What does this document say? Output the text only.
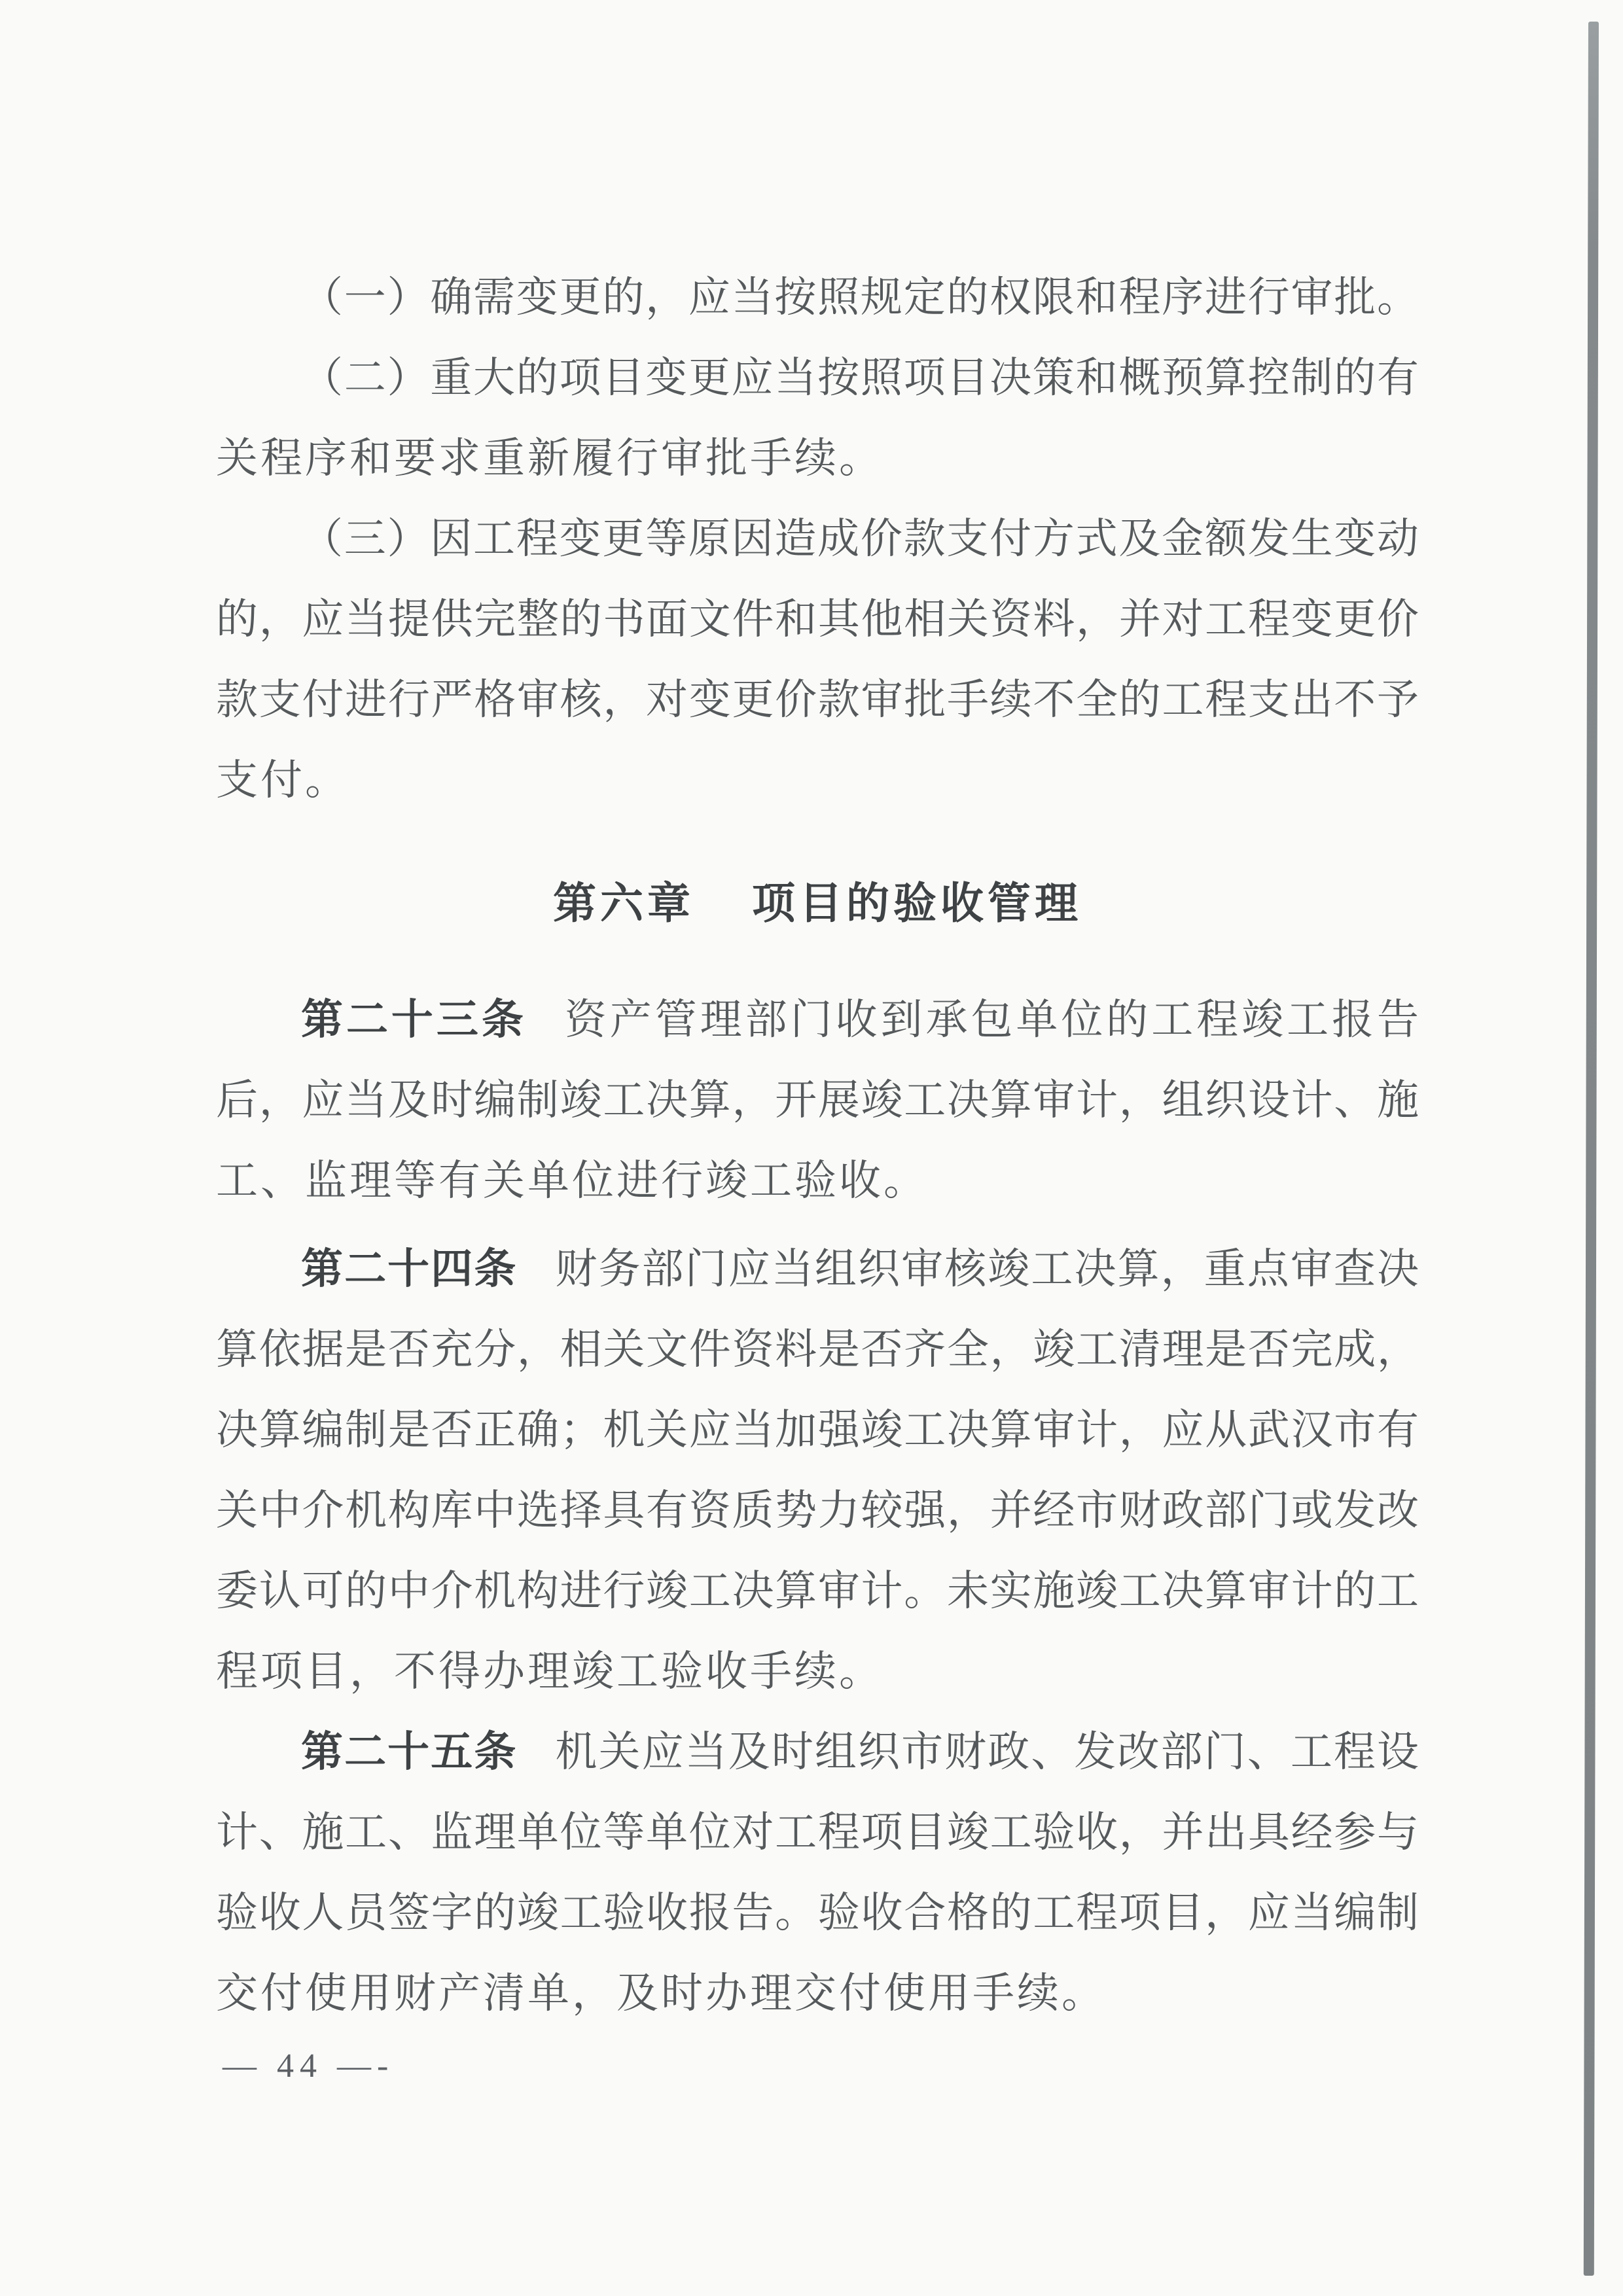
（一）确需变更的，应当按照规定的权限和程序进行审批。
（二）重大的项目变更应当按照项目决策和概预算控制的有
关程序和要求重新履行审批手续。
（三）因工程变更等原因造成价款支付方式及金额发生变动
的，应当提供完整的书面文件和其他相关资料，并对工程变更价
款支付进行严格审核，对变更价款审批手续不全的工程支出不予
支付。
第六章 项目的验收管理
第二十三条 资产管理部门收到承包单位的工程竣工报告
后，应当及时编制竣工决算，开展竣工决算审计，组织设计、施
工、监理等有关单位进行竣工验收。
第二十四条 财务部门应当组织审核竣工决算，重点审查决
算依据是否充分，相关文件资料是否齐全，竣工清理是否完成，
决算编制是否正确；机关应当加强竣工决算审计，应从武汉市有
关中介机构库中选择具有资质势力较强，并经市财政部门或发改
委认可的中介机构进行竣工决算审计。未实施竣工决算审计的工
程项目，不得办理竣工验收手续。
第二十五条 机关应当及时组织市财政、发改部门、工程设
计、施工、监理单位等单位对工程项目竣工验收，并出具经参与
验收人员签字的竣工验收报告。验收合格的工程项目，应当编制
交付使用财产清单，及时办理交付使用手续。
— 44 —-
